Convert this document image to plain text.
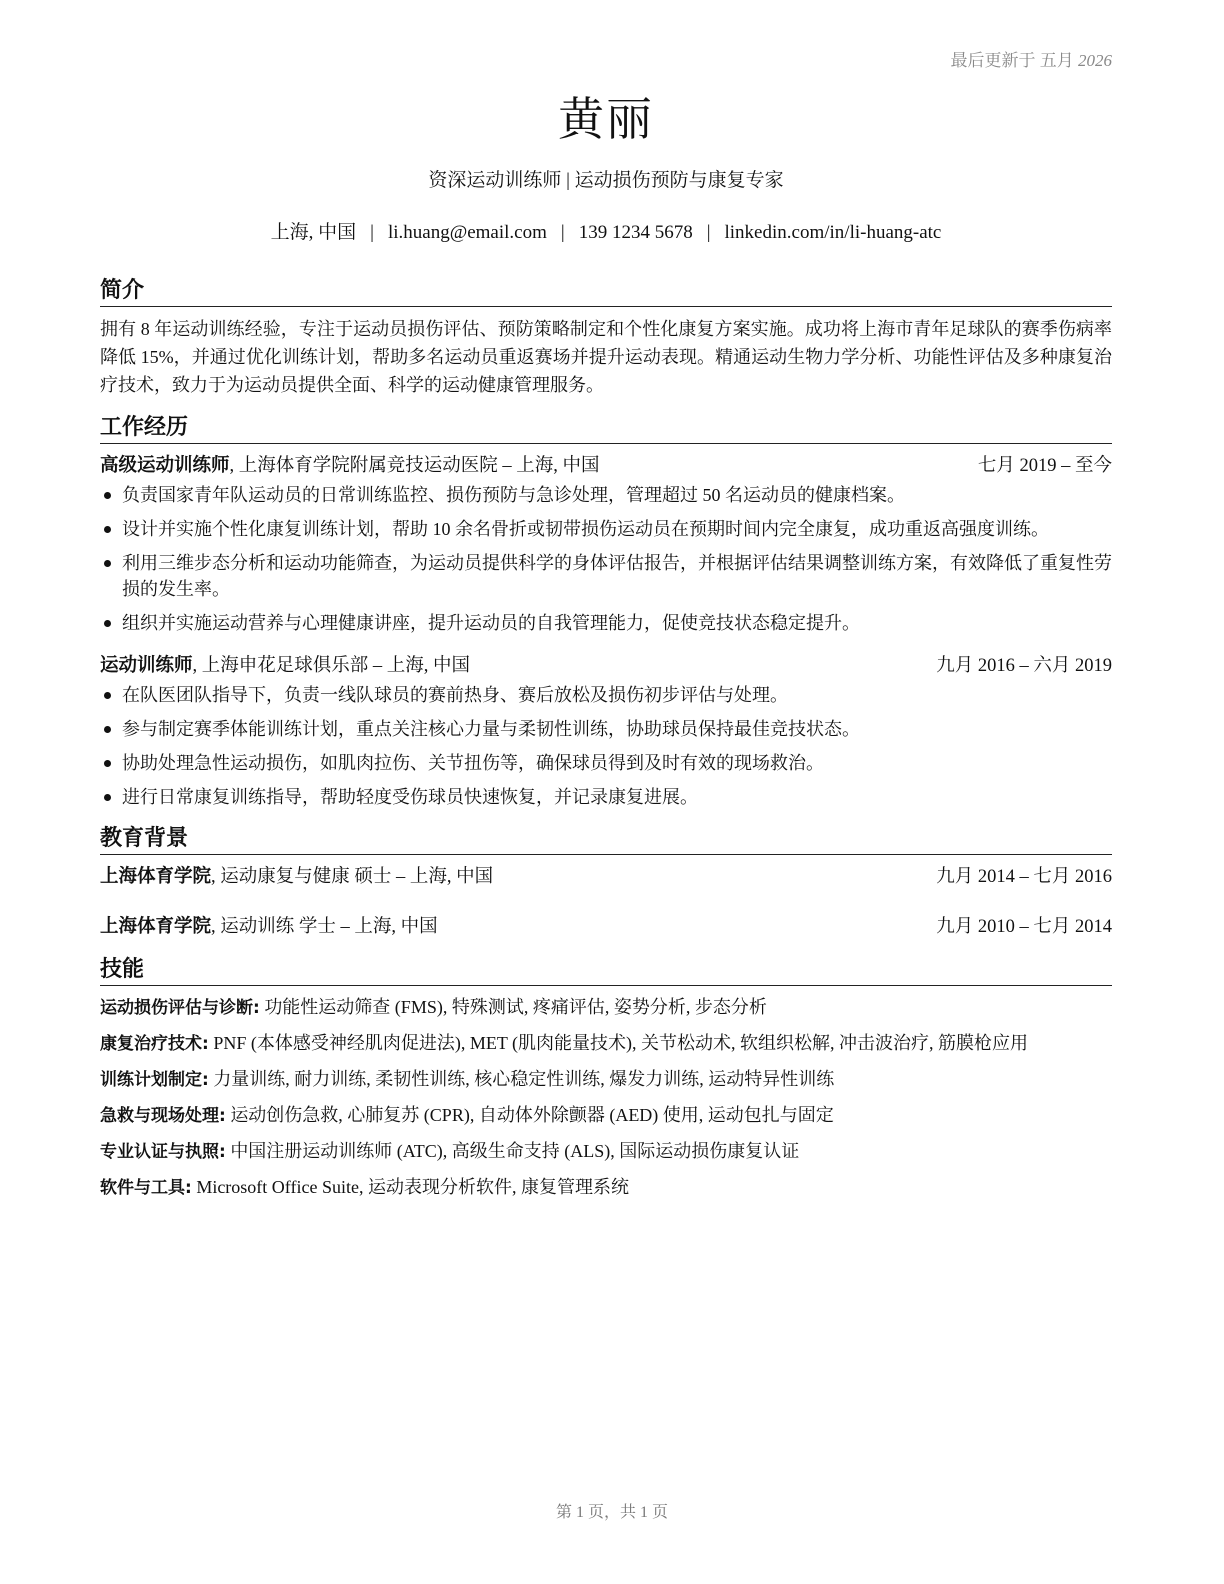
最后更新于 五月 2026
黄丽
资深运动训练师 | 运动损伤预防与康复专家
上海, 中国 | li.huang@email.com | 139 1234 5678 | linkedin.com/in/li-huang-atc
简介
拥有 8 年运动训练经验，专注于运动员损伤评估、预防策略制定和个性化康复方案实施。成功将上海市青年足球队的赛季伤病率降低 15%，并通过优化训练计划，帮助多名运动员重返赛场并提升运动表现。精通运动生物力学分析、功能性评估及多种康复治疗技术，致力于为运动员提供全面、科学的运动健康管理服务。
工作经历
高级运动训练师, 上海体育学院附属竞技运动医院 – 上海, 中国	七月 2019 – 至今
负责国家青年队运动员的日常训练监控、损伤预防与急诊处理，管理超过 50 名运动员的健康档案。
设计并实施个性化康复训练计划，帮助 10 余名骨折或韧带损伤运动员在预期时间内完全康复，成功重返高强度训练。
利用三维步态分析和运动功能筛查，为运动员提供科学的身体评估报告，并根据评估结果调整训练方案，有效降低了重复性劳损的发生率。
组织并实施运动营养与心理健康讲座，提升运动员的自我管理能力，促使竞技状态稳定提升。
运动训练师, 上海申花足球俱乐部 – 上海, 中国	九月 2016 – 六月 2019
在队医团队指导下，负责一线队球员的赛前热身、赛后放松及损伤初步评估与处理。
参与制定赛季体能训练计划，重点关注核心力量与柔韧性训练，协助球员保持最佳竞技状态。
协助处理急性运动损伤，如肌肉拉伤、关节扭伤等，确保球员得到及时有效的现场救治。
进行日常康复训练指导，帮助轻度受伤球员快速恢复，并记录康复进展。
教育背景
上海体育学院, 运动康复与健康 硕士 – 上海, 中国	九月 2014 – 七月 2016
上海体育学院, 运动训练 学士 – 上海, 中国	九月 2010 – 七月 2014
技能
运动损伤评估与诊断: 功能性运动筛查 (FMS), 特殊测试, 疼痛评估, 姿势分析, 步态分析
康复治疗技术: PNF (本体感受神经肌肉促进法), MET (肌肉能量技术), 关节松动术, 软组织松解, 冲击波治疗, 筋膜枪应用
训练计划制定: 力量训练, 耐力训练, 柔韧性训练, 核心稳定性训练, 爆发力训练, 运动特异性训练
急救与现场处理: 运动创伤急救, 心肺复苏 (CPR), 自动体外除颤器 (AED) 使用, 运动包扎与固定
专业认证与执照: 中国注册运动训练师 (ATC), 高级生命支持 (ALS), 国际运动损伤康复认证
软件与工具: Microsoft Office Suite, 运动表现分析软件, 康复管理系统
第 1 页，共 1 页
